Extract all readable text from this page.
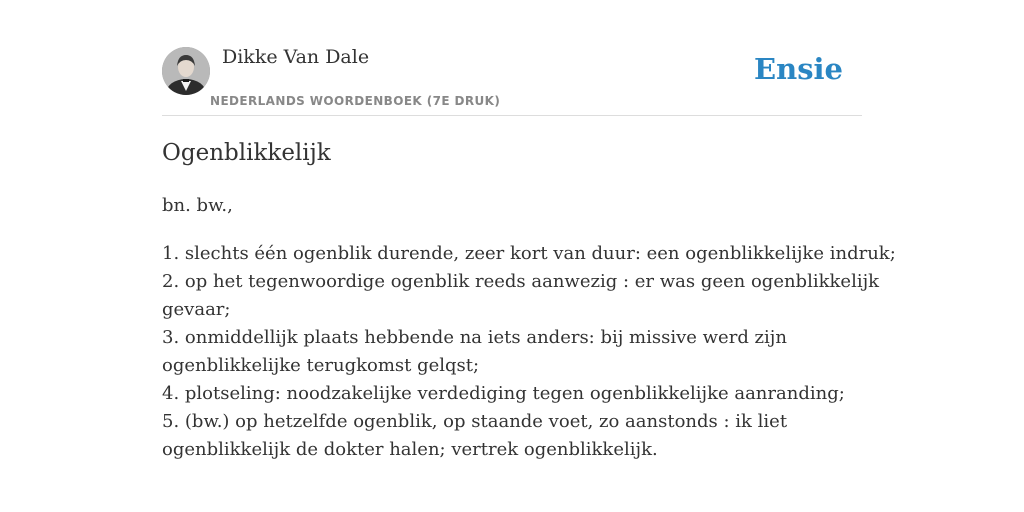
Dikke Van Dale
NEDERLANDS WOORDENBOEK (7E DRUK)
Ensie
Ogenblikkelijk
bn. bw.,
1. slechts één ogenblik durende, zeer kort van duur: een ogenblikkelijke indruk;
2. op het tegenwoordige ogenblik reeds aanwezig : er was geen ogenblikkelijk
gevaar;
3. onmiddellijk plaats hebbende na iets anders: bij missive werd zijn
ogenblikkelijke terugkomst gelqst;
4. plotseling: noodzakelijke verdediging tegen ogenblikkelijke aanranding;
5. (bw.) op hetzelfde ogenblik, op staande voet, zo aanstonds : ik liet
ogenblikkelijk de dokter halen; vertrek ogenblikkelijk.
